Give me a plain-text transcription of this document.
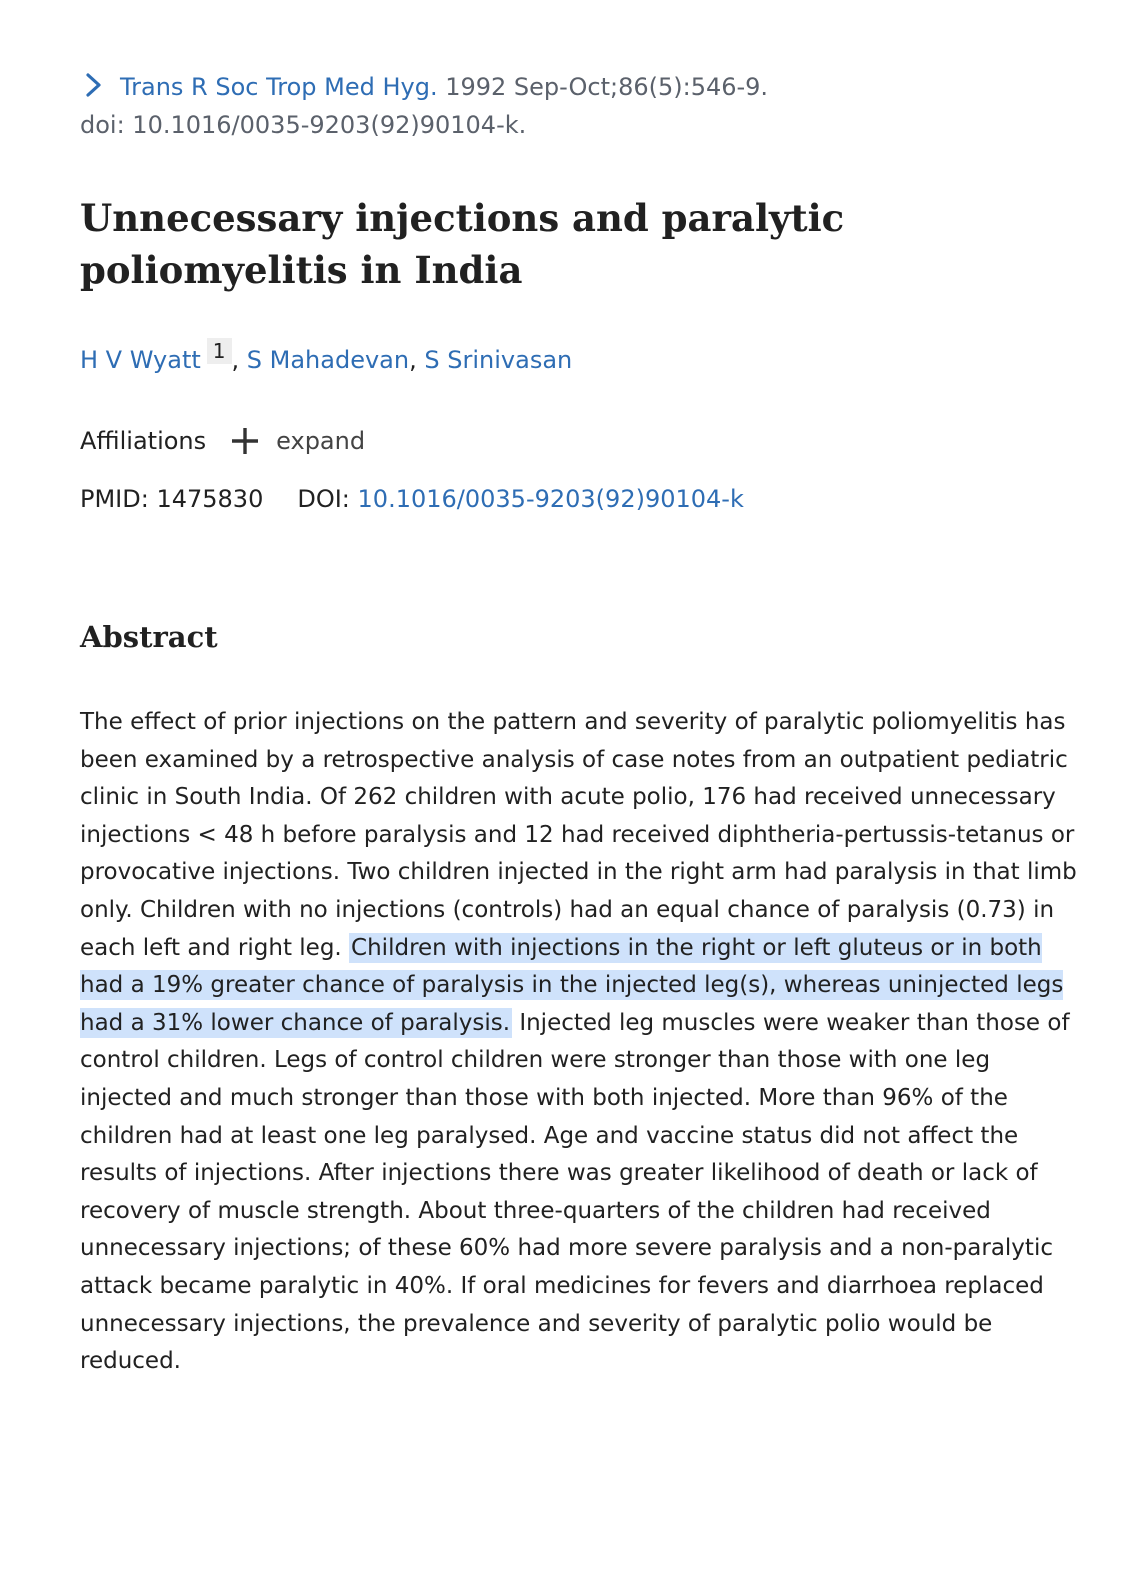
Trans R Soc Trop Med Hyg. 1992 Sep-Oct;86(5):546-9.
doi: 10.1016/0035-9203(92)90104-k.
Unnecessary injections and paralytic poliomyelitis in India
H V Wyatt 1 , S Mahadevan, S Srinivasan
Affiliations	expand
PMID: 1475830 DOI: 10.1016/0035-9203(92)90104-k
Abstract

The effect of prior injections on the pattern and severity of paralytic poliomyelitis has been examined by a retrospective analysis of case notes from an outpatient pediatric clinic in South India. Of 262 children with acute polio, 176 had received unnecessary injections < 48 h before paralysis and 12 had received diphtheria-pertussis-tetanus or provocative injections. Two children injected in the right arm had paralysis in that limb only. Children with no injections (controls) had an equal chance of paralysis (0.73) in each left and right leg. Children with injections in the right or left gluteus or in both had a 19% greater chance of paralysis in the injected leg(s), whereas uninjected legs had a 31% lower chance of paralysis. Injected leg muscles were weaker than those of control children. Legs of control children were stronger than those with one leg injected and much stronger than those with both injected. More than 96% of the children had at least one leg paralysed. Age and vaccine status did not affect the results of injections. After injections there was greater likelihood of death or lack of recovery of muscle strength. About three-quarters of the children had received unnecessary injections; of these 60% had more severe paralysis and a non-paralytic attack became paralytic in 40%. If oral medicines for fevers and diarrhoea replaced unnecessary injections, the prevalence and severity of paralytic polio would be reduced.
